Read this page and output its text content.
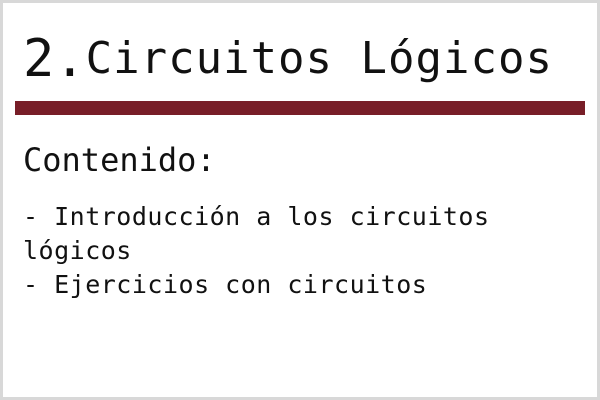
2. Circuitos Lógicos
Contenido:
- Introducción a los circuitos lógicos
- Ejercicios con circuitos
